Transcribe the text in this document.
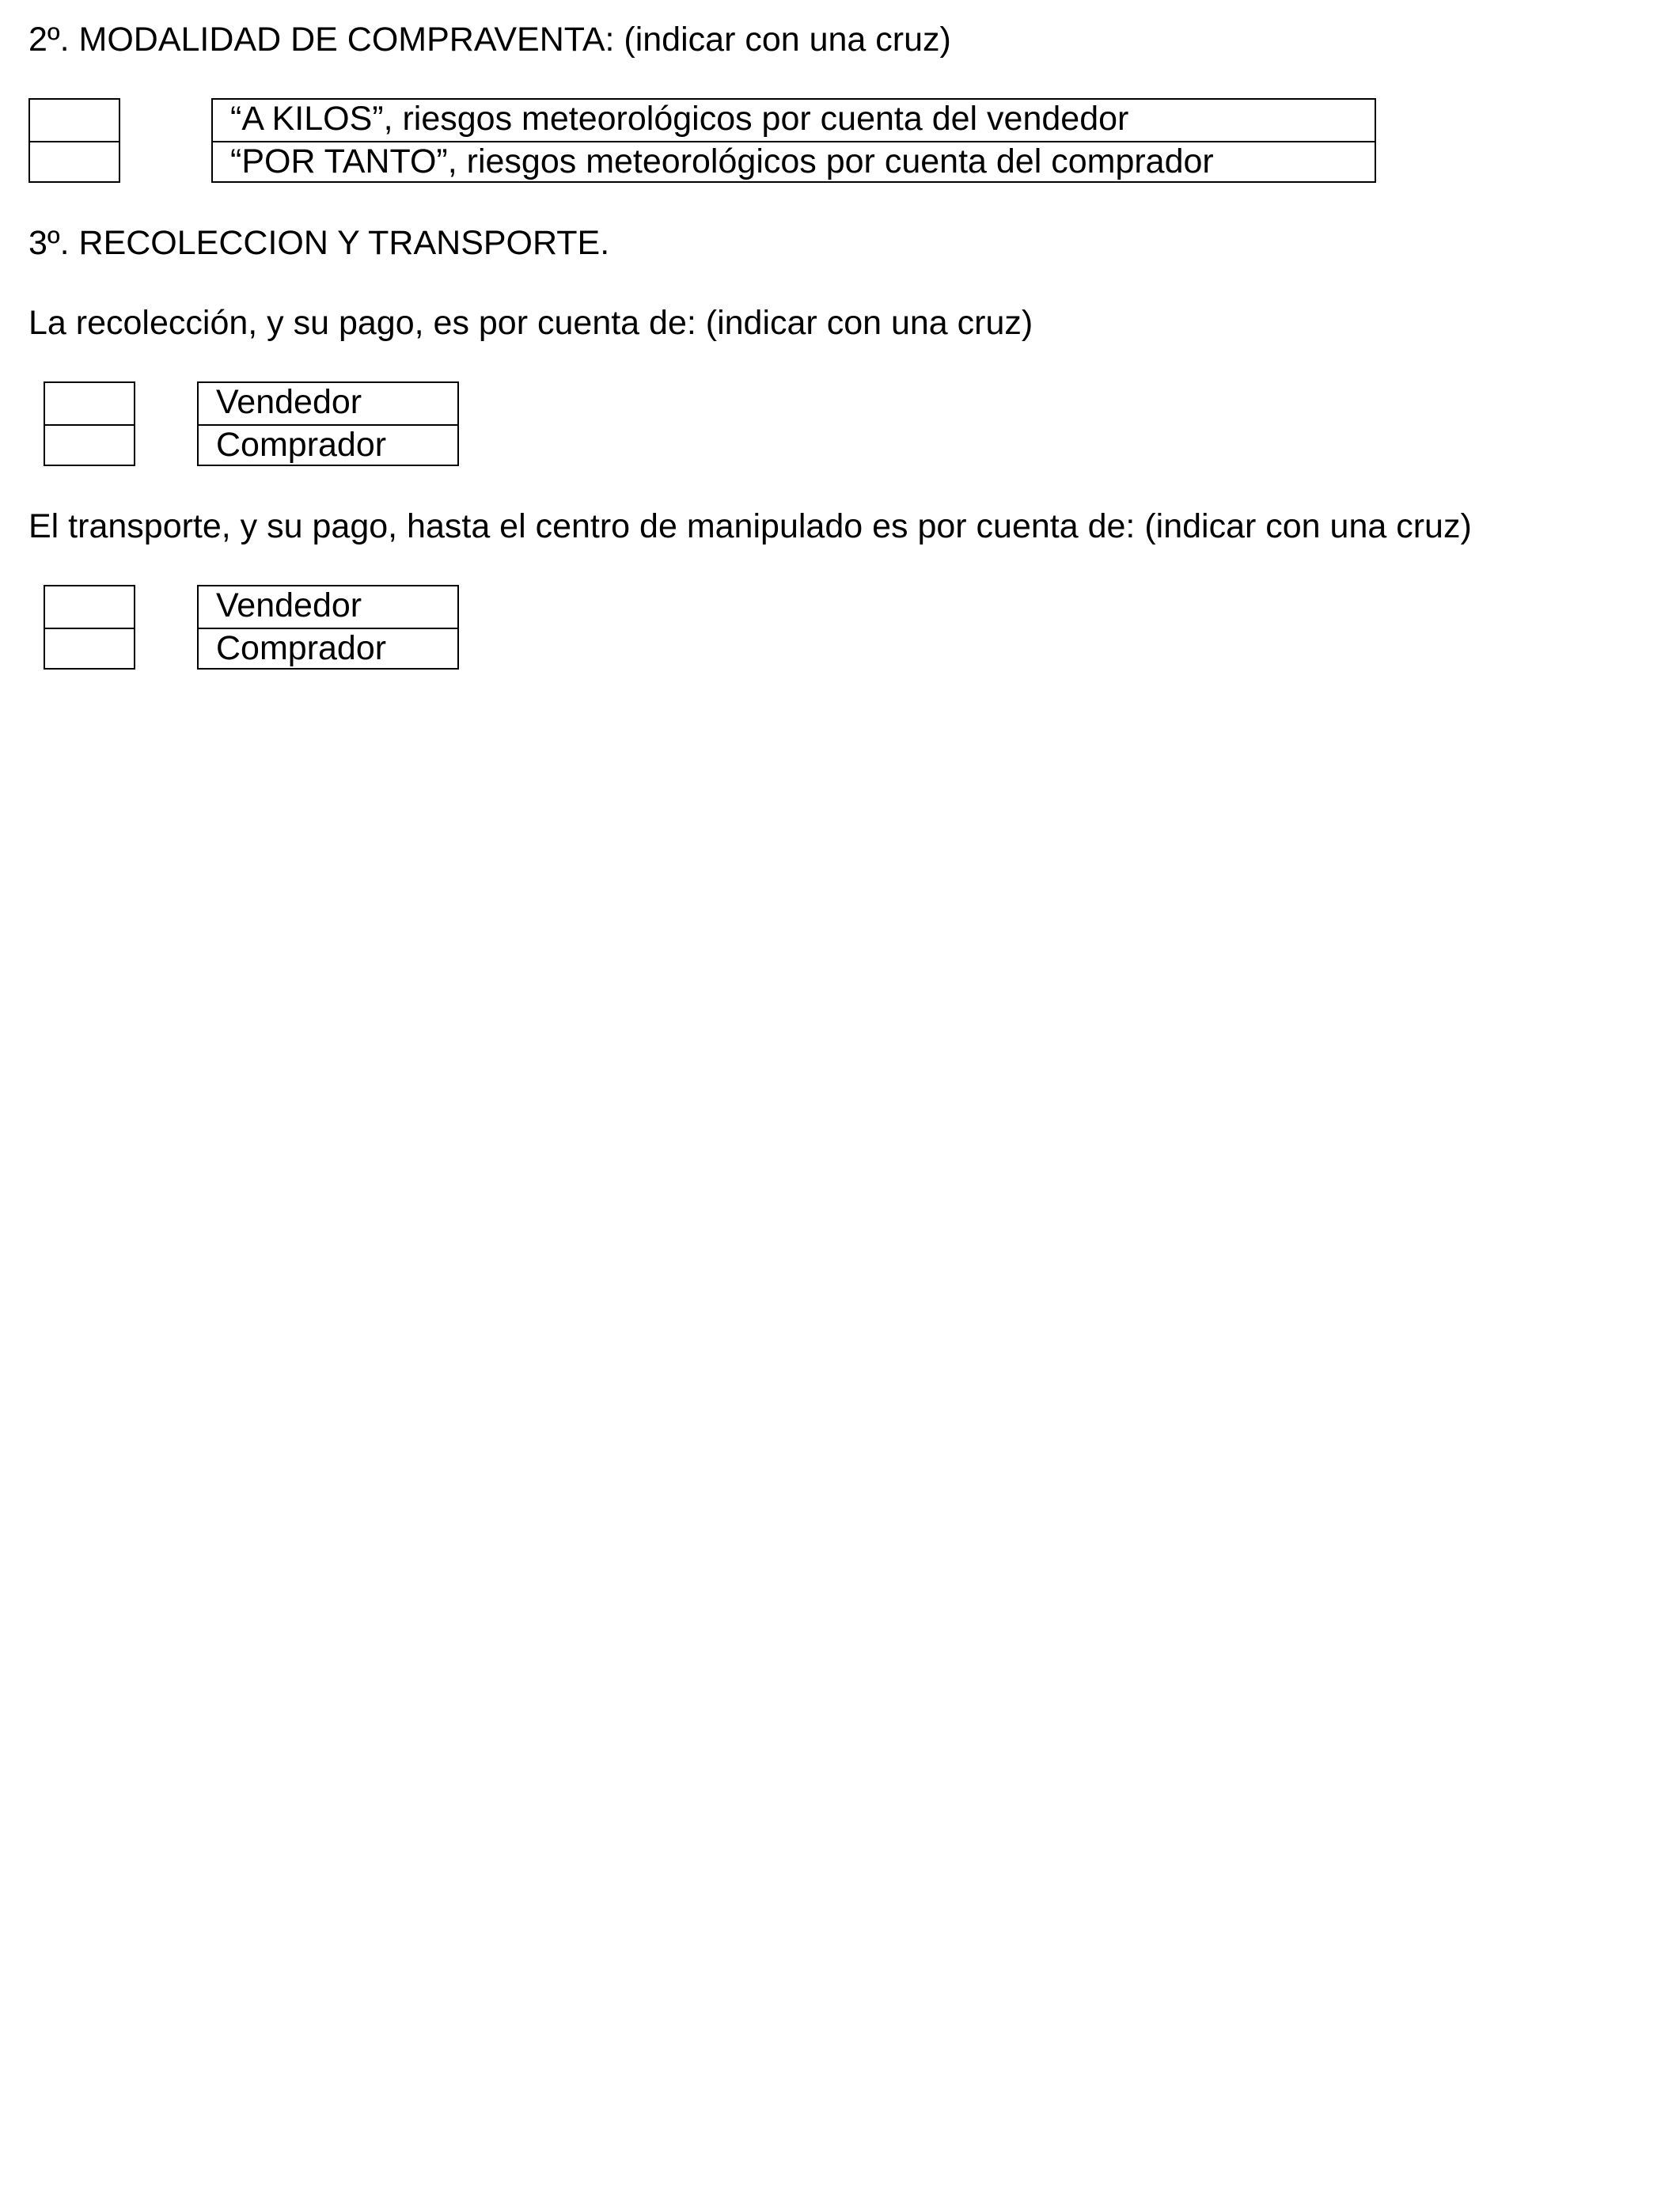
2º. MODALIDAD DE COMPRAVENTA: (indicar con una cruz)
“A KILOS”, riesgos meteorológicos por cuenta del vendedor
“POR TANTO”, riesgos meteorológicos por cuenta del comprador
3º. RECOLECCION Y TRANSPORTE.

La recolección, y su pago, es por cuenta de: (indicar con una cruz)

Vendedor
Comprador

El transporte, y su pago, hasta el centro de manipulado es por cuenta de: (indicar con una cruz)

Vendedor
Comprador
